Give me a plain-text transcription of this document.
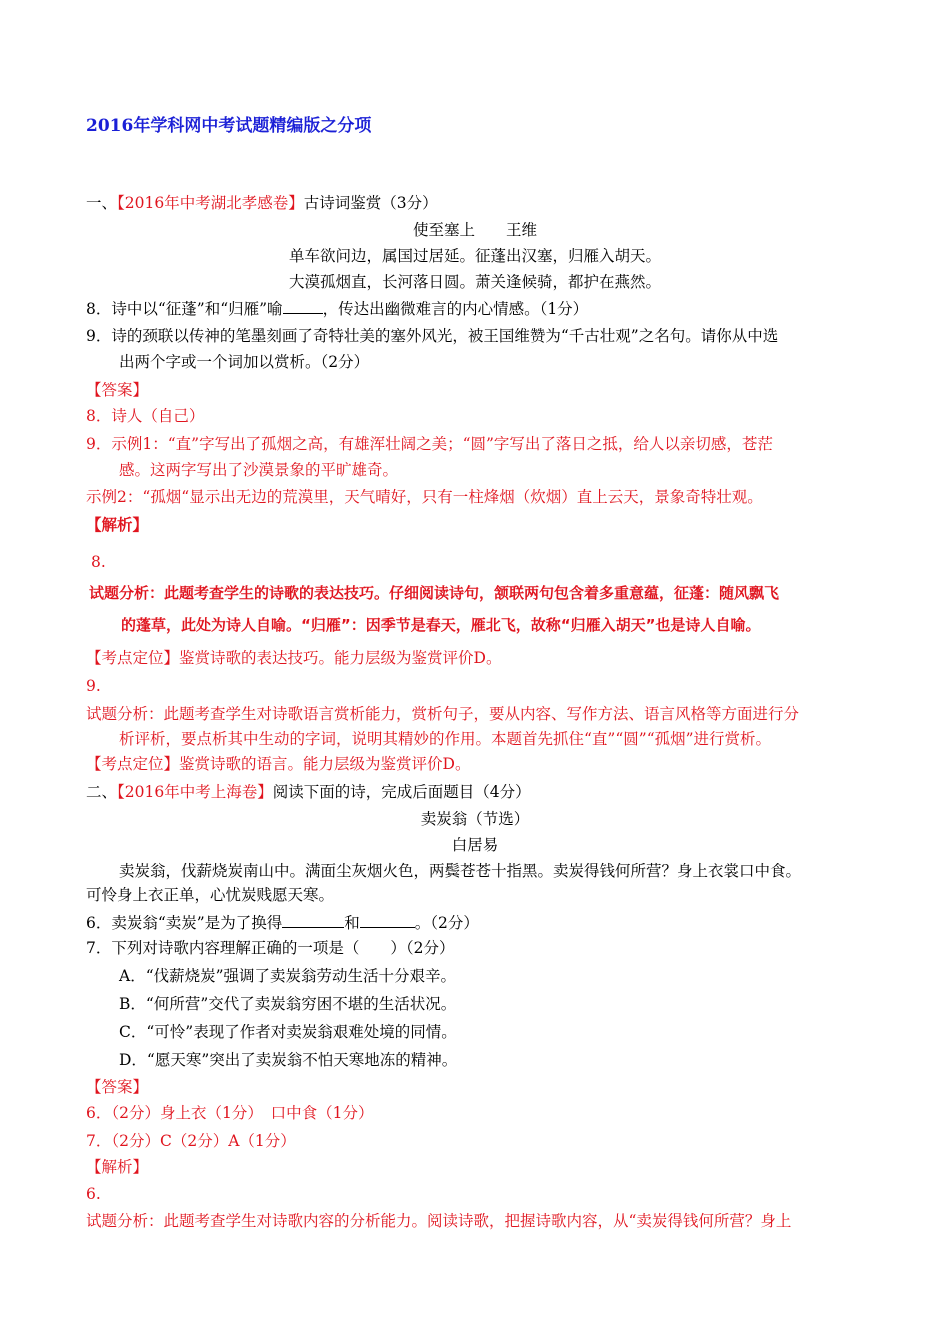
2016年学科网中考试题精编版之分项
一、【2016年中考湖北孝感卷】古诗词鉴赏（3分）
使至塞上　　王维
单车欲问边，属国过居延。征蓬出汉塞，归雁入胡天。
大漠孤烟直，长河落日圆。萧关逢候骑，都护在燕然。
8．诗中以“征蓬”和“归雁”喻	，传达出幽微难言的内心情感。（1分）
9．诗的颈联以传神的笔墨刻画了奇特壮美的塞外风光，被王国维赞为“千古壮观”之名句。请你从中选
出两个字或一个词加以赏析。（2分）
【答案】
8．诗人（自己）
9．示例1：“直”字写出了孤烟之高，有雄浑壮阔之美；“圆”字写出了落日之抵，给人以亲切感，苍茫
感。这两字写出了沙漠景象的平旷雄奇。
示例2：“孤烟“显示出无边的荒漠里，天气晴好，只有一柱烽烟（炊烟）直上云天，景象奇特壮观。
【解析】
8.
试题分析：此题考查学生的诗歌的表达技巧。仔细阅读诗句，颔联两句包含着多重意蕴，征蓬：随风飘飞
的蓬草，此处为诗人自喻。“归雁”：因季节是春天，雁北飞，故称“归雁入胡天”也是诗人自喻。
【考点定位】鉴赏诗歌的表达技巧。能力层级为鉴赏评价D。
9.
试题分析：此题考查学生对诗歌语言赏析能力，赏析句子，要从内容、写作方法、语言风格等方面进行分
析评析，要点析其中生动的字词，说明其精妙的作用。本题首先抓住“直”“圆”“孤烟”进行赏析。
【考点定位】鉴赏诗歌的语言。能力层级为鉴赏评价D。
二、【2016年中考上海卷】阅读下面的诗，完成后面题目（4分）
卖炭翁（节选）
白居易
卖炭翁，伐薪烧炭南山中。满面尘灰烟火色，两鬓苍苍十指黑。卖炭得钱何所营？身上衣裳口中食。
可怜身上衣正单，心忧炭贱愿天寒。
6．卖炭翁“卖炭”是为了换得	和	。（2分）
7．下列对诗歌内容理解正确的一项是（　　）（2分）
A．“伐薪烧炭”强调了卖炭翁劳动生活十分艰辛。
B．“何所营”交代了卖炭翁穷困不堪的生活状况。
C．“可怜”表现了作者对卖炭翁艰难处境的同情。
D．“愿天寒”突出了卖炭翁不怕天寒地冻的精神。
【答案】
6．（2分）身上衣（1分）　口中食（1分）
7．（2分）C（2分）A（1分）
【解析】
6.
试题分析：此题考查学生对诗歌内容的分析能力。阅读诗歌，把握诗歌内容，从“卖炭得钱何所营？身上
